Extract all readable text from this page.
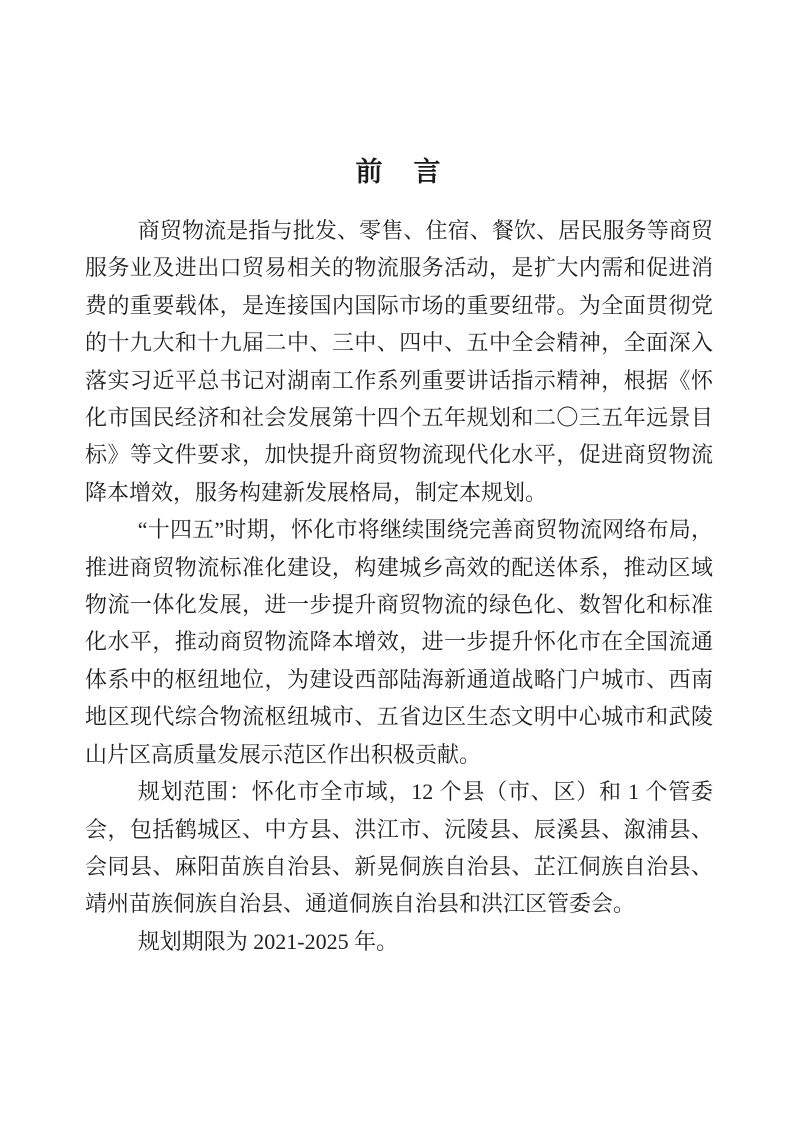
前　言

商贸物流是指与批发、零售、住宿、餐饮、居民服务等商贸服务业及进出口贸易相关的物流服务活动，是扩大内需和促进消费的重要载体，是连接国内国际市场的重要纽带。为全面贯彻党的十九大和十九届二中、三中、四中、五中全会精神，全面深入落实习近平总书记对湖南工作系列重要讲话指示精神，根据《怀化市国民经济和社会发展第十四个五年规划和二〇三五年远景目标》等文件要求，加快提升商贸物流现代化水平，促进商贸物流降本增效，服务构建新发展格局，制定本规划。

“十四五”时期，怀化市将继续围绕完善商贸物流网络布局，推进商贸物流标准化建设，构建城乡高效的配送体系，推动区域物流一体化发展，进一步提升商贸物流的绿色化、数智化和标准化水平，推动商贸物流降本增效，进一步提升怀化市在全国流通体系中的枢纽地位，为建设西部陆海新通道战略门户城市、西南地区现代综合物流枢纽城市、五省边区生态文明中心城市和武陵山片区高质量发展示范区作出积极贡献。

规划范围：怀化市全市域，12 个县（市、区）和 1 个管委会，包括鹤城区、中方县、洪江市、沅陵县、辰溪县、溆浦县、会同县、麻阳苗族自治县、新晃侗族自治县、芷江侗族自治县、靖州苗族侗族自治县、通道侗族自治县和洪江区管委会。

规划期限为 2021-2025 年。
